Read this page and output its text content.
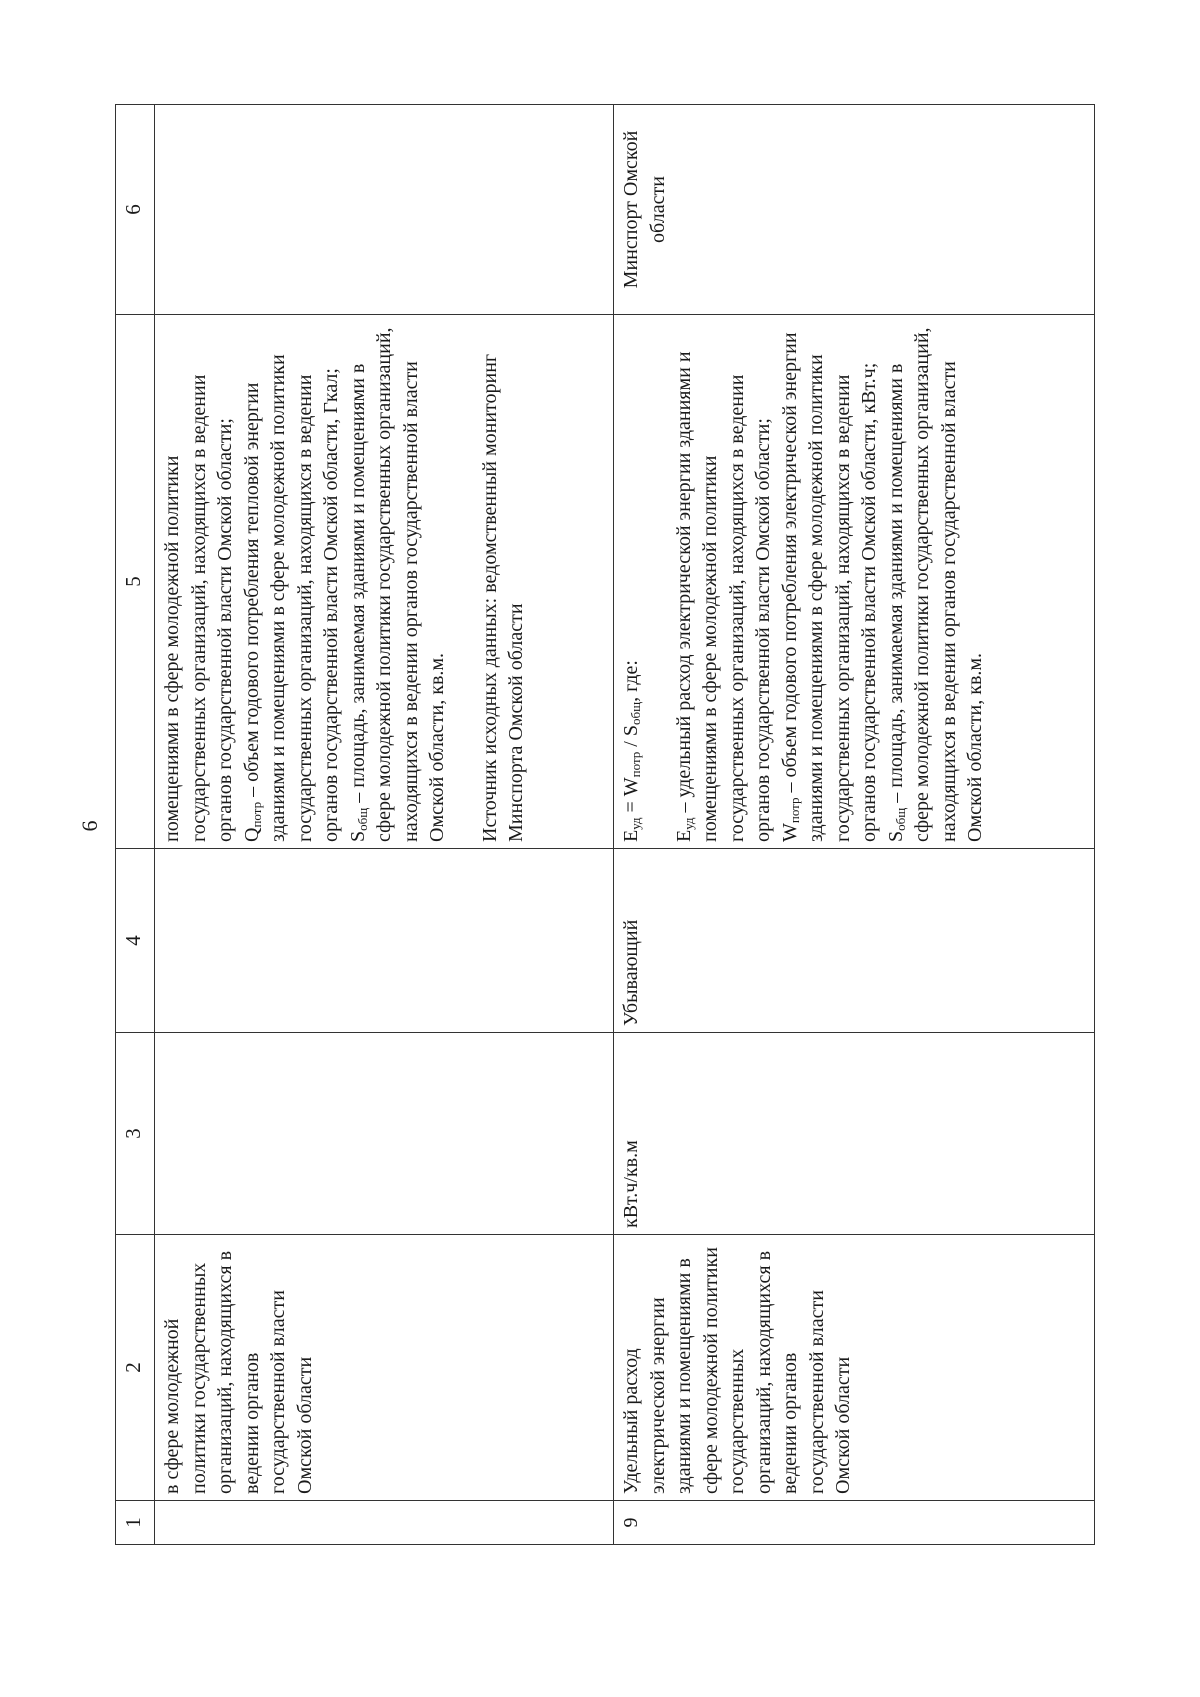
6
1	2	3	4	5	6
	в сфере молодежной политики государственных организаций, находящихся в ведении органов государственной власти Омской области			помещениями в сфере молодежной политики государственных организаций, находящихся в ведении органов государственной власти Омской области; $Q_{потр}$ – объем годового потребления тепловой энергии зданиями и помещениями в сфере молодежной политики государственных организаций, находящихся в ведении органов государственной власти Омской области, Гкал; $S_{общ}$ – площадь, занимаемая зданиями и помещениями в сфере молодежной политики государственных организаций, находящихся в ведении органов государственной власти Омской области, кв.м. Источник исходных данных: ведомственный мониторинг Минспорта Омской области	

9	Удельный расход электрической энергии зданиями и помещениями в сфере молодежной политики государственных организаций, находящихся в ведении органов государственной власти Омской области	кВт.ч/кв.м	Убывающий	$E_{уд} = W_{потр} / S_{общ}$, где:
$E_{уд}$ – удельный расход электрической энергии зданиями и помещениями в сфере молодежной политики государственных организаций, находящихся в ведении органов государственной власти Омской области; $W_{потр}$ – объем годового потребления электрической энергии зданиями и помещениями в сфере молодежной политики государственных организаций, находящихся в ведении органов государственной власти Омской области, кВт.ч; $S_{общ}$ – площадь, занимаемая зданиями и помещениями в сфере молодежной политики государственных организаций, находящихся в ведении органов государственной власти Омской области, кв.м.	Минспорт Омской области
